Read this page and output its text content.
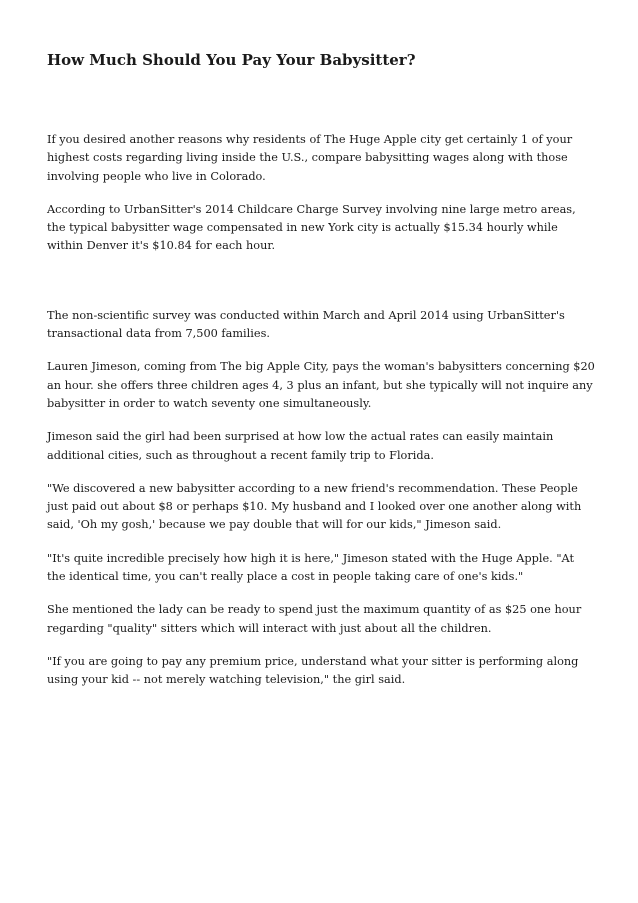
How Much Should You Pay Your Babysitter?

If you desired another reasons why residents of The Huge Apple city get certainly 1 of your highest costs regarding living inside the U.S., compare babysitting wages along with those involving people who live in Colorado.

According to UrbanSitter's 2014 Childcare Charge Survey involving nine large metro areas, the typical babysitter wage compensated in new York city is actually $15.34 hourly while within Denver it's $10.84 for each hour.

The non-scientific survey was conducted within March and April 2014 using UrbanSitter's transactional data from 7,500 families.

Lauren Jimeson, coming from The big Apple City, pays the woman's babysitters concerning $20 an hour. she offers three children ages 4, 3 plus an infant, but she typically will not inquire any babysitter in order to watch seventy one simultaneously.

Jimeson said the girl had been surprised at how low the actual rates can easily maintain additional cities, such as throughout a recent family trip to Florida.

"We discovered a new babysitter according to a new friend's recommendation. These People just paid out about $8 or perhaps $10. My husband and I looked over one another along with said, 'Oh my gosh,' because we pay double that will for our kids," Jimeson said.

"It's quite incredible precisely how high it is here," Jimeson stated with the Huge Apple. "At the identical time, you can't really place a cost in people taking care of one's kids."

She mentioned the lady can be ready to spend just the maximum quantity of as $25 one hour regarding "quality" sitters which will interact with just about all the children.

"If you are going to pay any premium price, understand what your sitter is performing along using your kid -- not merely watching television," the girl said.
